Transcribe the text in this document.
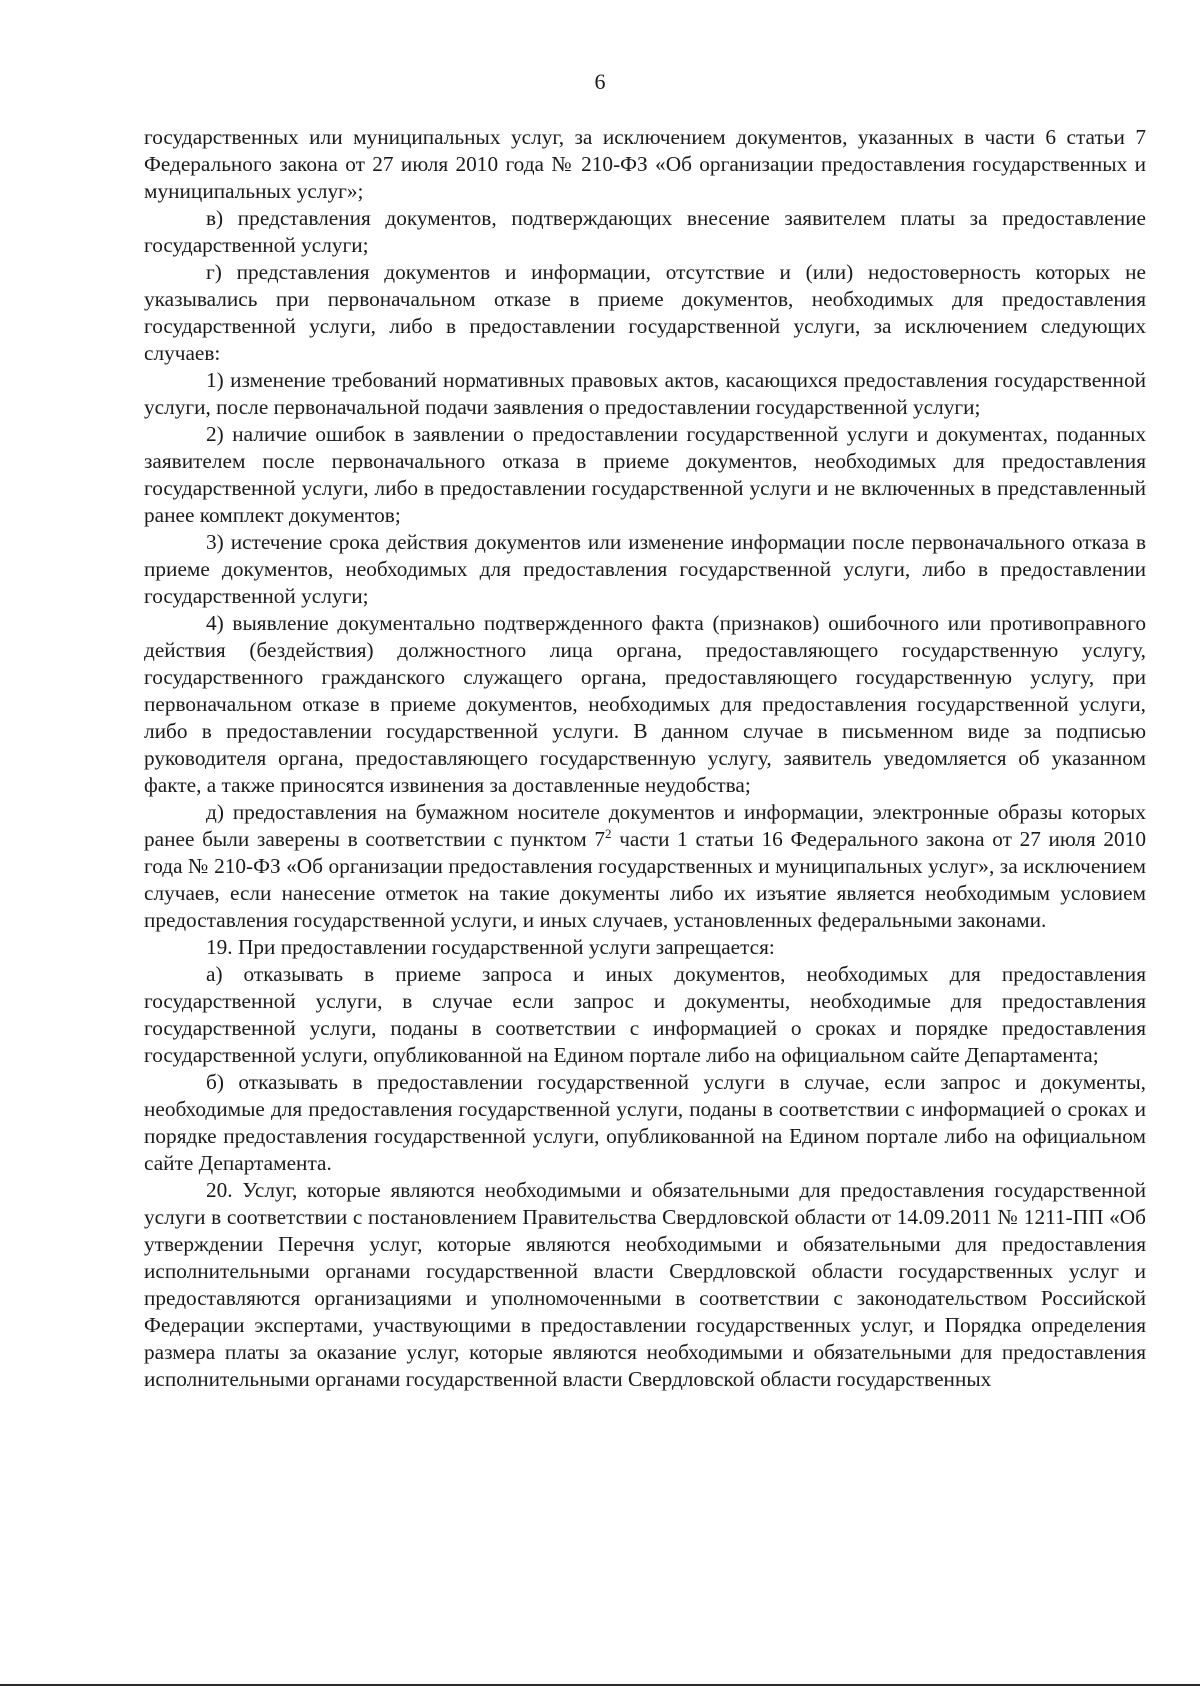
6

государственных или муниципальных услуг, за исключением документов, указанных в части 6 статьи 7 Федерального закона от 27 июля 2010 года № 210-ФЗ «Об организации предоставления государственных и муниципальных услуг»;

в) представления документов, подтверждающих внесение заявителем платы за предоставление государственной услуги;

г) представления документов и информации, отсутствие и (или) недостоверность которых не указывались при первоначальном отказе в приеме документов, необходимых для предоставления государственной услуги, либо в предоставлении государственной услуги, за исключением следующих случаев:

1) изменение требований нормативных правовых актов, касающихся предоставления государственной услуги, после первоначальной подачи заявления о предоставлении государственной услуги;

2) наличие ошибок в заявлении о предоставлении государственной услуги и документах, поданных заявителем после первоначального отказа в приеме документов, необходимых для предоставления государственной услуги, либо в предоставлении государственной услуги и не включенных в представленный ранее комплект документов;

3) истечение срока действия документов или изменение информации после первоначального отказа в приеме документов, необходимых для предоставления государственной услуги, либо в предоставлении государственной услуги;

4) выявление документально подтвержденного факта (признаков) ошибочного или противоправного действия (бездействия) должностного лица органа, предоставляющего государственную услугу, государственного гражданского служащего органа, предоставляющего государственную услугу, при первоначальном отказе в приеме документов, необходимых для предоставления государственной услуги, либо в предоставлении государственной услуги. В данном случае в письменном виде за подписью руководителя органа, предоставляющего государственную услугу, заявитель уведомляется об указанном факте, а также приносятся извинения за доставленные неудобства;

д) предоставления на бумажном носителе документов и информации, электронные образы которых ранее были заверены в соответствии с пунктом $7^2$ части 1 статьи 16 Федерального закона от 27 июля 2010 года № 210-ФЗ «Об организации предоставления государственных и муниципальных услуг», за исключением случаев, если нанесение отметок на такие документы либо их изъятие является необходимым условием предоставления государственной услуги, и иных случаев, установленных федеральными законами.

19. При предоставлении государственной услуги запрещается:

а) отказывать в приеме запроса и иных документов, необходимых для предоставления государственной услуги, в случае если запрос и документы, необходимые для предоставления государственной услуги, поданы в соответствии с информацией о сроках и порядке предоставления государственной услуги, опубликованной на Едином портале либо на официальном сайте Департамента;

б) отказывать в предоставлении государственной услуги в случае, если запрос и документы, необходимые для предоставления государственной услуги, поданы в соответствии с информацией о сроках и порядке предоставления государственной услуги, опубликованной на Едином портале либо на официальном сайте Департамента.

20. Услуг, которые являются необходимыми и обязательными для предоставления государственной услуги в соответствии с постановлением Правительства Свердловской области от 14.09.2011 № 1211-ПП «Об утверждении Перечня услуг, которые являются необходимыми и обязательными для предоставления исполнительными органами государственной власти Свердловской области государственных услуг и предоставляются организациями и уполномоченными в соответствии с законодательством Российской Федерации экспертами, участвующими в предоставлении государственных услуг, и Порядка определения размера платы за оказание услуг, которые являются необходимыми и обязательными для предоставления исполнительными органами государственной власти Свердловской области государственных
